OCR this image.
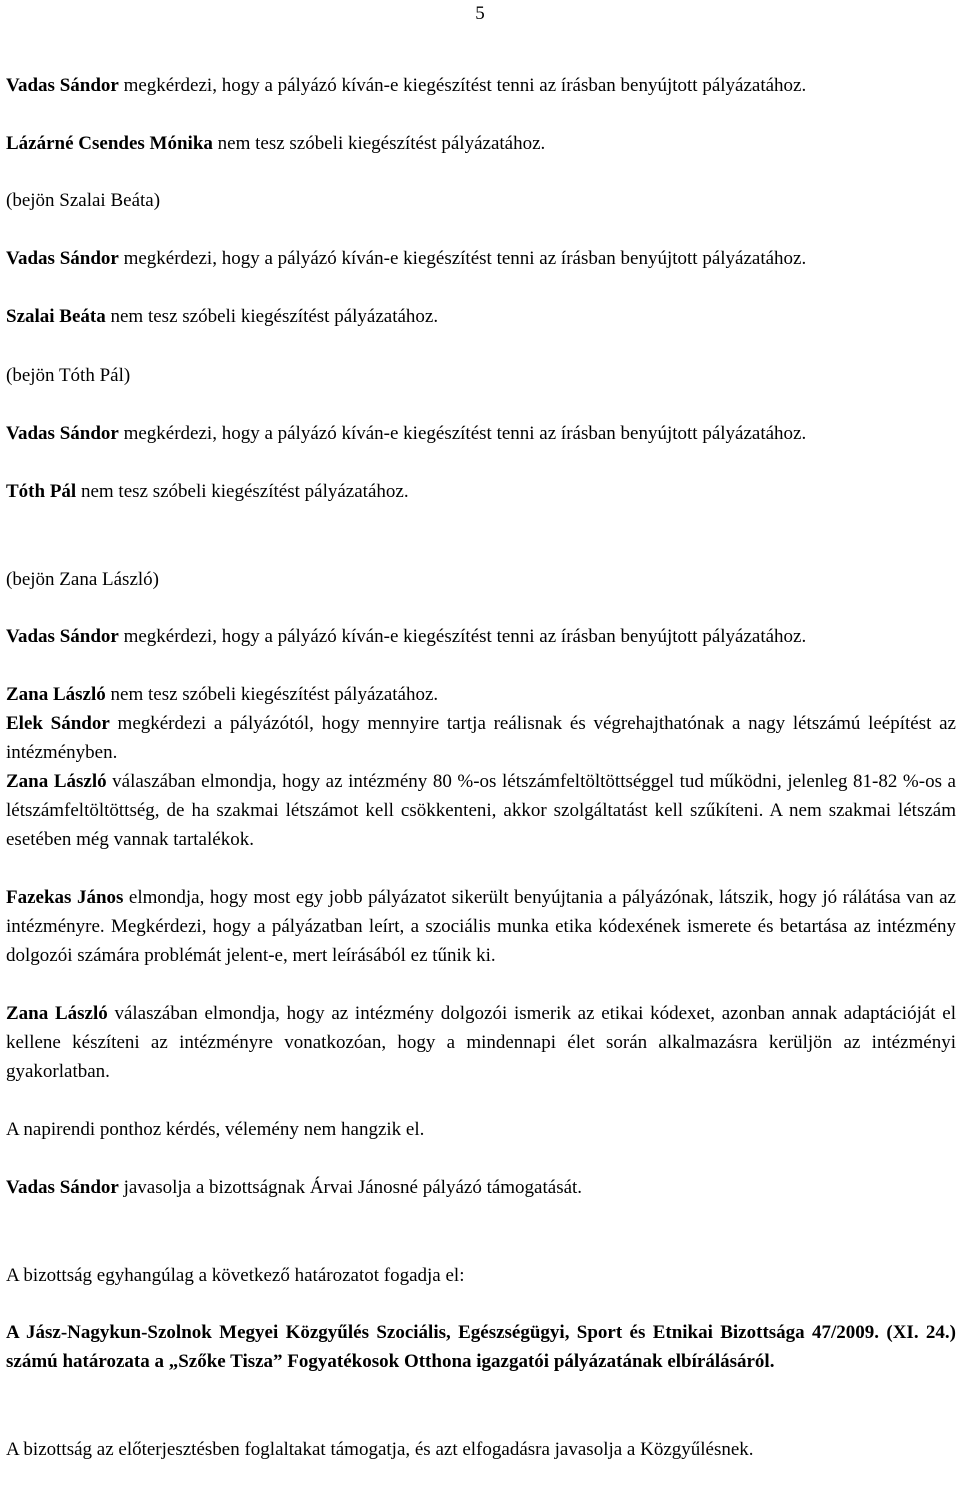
5

Vadas Sándor megkérdezi, hogy a pályázó kíván-e kiegészítést tenni az írásban benyújtott pályázatához.

Lázárné Csendes Mónika nem tesz szóbeli kiegészítést pályázatához.

(bejön Szalai Beáta)

Vadas Sándor megkérdezi, hogy a pályázó kíván-e kiegészítést tenni az írásban benyújtott pályázatához.

Szalai Beáta nem tesz szóbeli kiegészítést pályázatához.

(bejön Tóth Pál)

Vadas Sándor megkérdezi, hogy a pályázó kíván-e kiegészítést tenni az írásban benyújtott pályázatához.

Tóth Pál nem tesz szóbeli kiegészítést pályázatához.

(bejön Zana László)

Vadas Sándor megkérdezi, hogy a pályázó kíván-e kiegészítést tenni az írásban benyújtott pályázatához.

Zana László nem tesz szóbeli kiegészítést pályázatához.

Elek Sándor megkérdezi a pályázótól, hogy mennyire tartja reálisnak és végrehajthatónak a nagy létszámú leépítést az intézményben.

Zana László válaszában elmondja, hogy az intézmény 80 %-os létszámfeltöltöttséggel tud működni, jelenleg 81-82 %-os a létszámfeltöltöttség, de ha szakmai létszámot kell csökkenteni, akkor szolgáltatást kell szűkíteni. A nem szakmai létszám esetében még vannak tartalékok.

Fazekas János elmondja, hogy most egy jobb pályázatot sikerült benyújtania a pályázónak, látszik, hogy jó rálátása van az intézményre. Megkérdezi, hogy a pályázatban leírt, a szociális munka etika kódexének ismerete és betartása az intézmény dolgozói számára problémát jelent-e, mert leírásából ez tűnik ki.

Zana László válaszában elmondja, hogy az intézmény dolgozói ismerik az etikai kódexet, azonban annak adaptációját el kellene készíteni az intézményre vonatkozóan, hogy a mindennapi élet során alkalmazásra kerüljön az intézményi gyakorlatban.

A napirendi ponthoz kérdés, vélemény nem hangzik el.

Vadas Sándor javasolja a bizottságnak Árvai Jánosné pályázó támogatását.

A bizottság egyhangúlag a következő határozatot fogadja el:

A Jász-Nagykun-Szolnok Megyei Közgyűlés Szociális, Egészségügyi, Sport és Etnikai Bizottsága 47/2009. (XI. 24.) számú határozata a „Szőke Tisza” Fogyatékosok Otthona igazgatói pályázatának elbírálásáról.

A bizottság az előterjesztésben foglaltakat támogatja, és azt elfogadásra javasolja a Közgyűlésnek.
